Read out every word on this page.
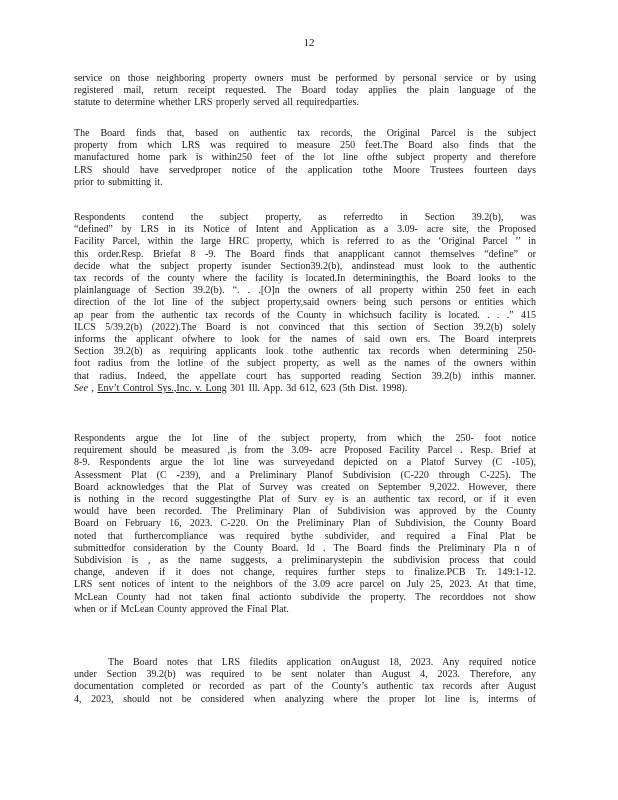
12
service on those neighboring property owners must be performed by personal service or by using
registered mail, return receipt requested. The Board today applies the plain language of the
statute to determine whether LRS properly served all requiredparties.
The Board finds that, based on authentic tax records, the Original Parcel is the subject
property from which LRS was required to measure 250 feet.The Board also finds that the
manufactured home park is within250 feet of the lot line ofthe subject property and therefore
LRS should have servedproper notice of the application tothe Moore Trustees fourteen days
prior to submitting it.
Respondents contend the subject property, as referredto in Section 39.2(b), was
“defined” by LRS in its Notice of Intent and Application as a 3.09- acre site, the Proposed
Facility Parcel, within the large HRC property, which is referred to as the ‘Original Parcel ’’ in
this order.Resp. Briefat 8 -9. The Board finds that anapplicant cannot themselves “define” or
decide what the subject property isunder Section39.2(b), andinstead must look to the authentic
tax records of the county where the facility is located.In determiningthis, the Board looks to the
plainlanguage of Section 39.2(b). “. . .[O]n the owners of all property within 250 feet in each
direction of the lot line of the subject property,said owners being such persons or entities which
ap pear from the authentic tax records of the County in whichsuch facility is located. . . .” 415
ILCS 5/39.2(b) (2022).The Board is not convinced that this section of Section 39.2(b) solely
informs the applicant ofwhere to look for the names of said own ers. The Board interprets
Section 39.2(b) as requiring applicants look tothe authentic tax records when determining 250-
foot radius from the lotline of the subject property, as well as the names of the owners within
that radius. Indeed, the appellate court has supported reading Section 39.2(b) inthis manner.
See , Env’t Control Sys.,Inc. v. Long 301 Ill. App. 3d 612, 623 (5th Dist. 1998).
Respondents argue the lot line of the subject property, from which the 250- foot notice
requirement should be measured ,is from the 3.09- acre Proposed Facility Parcel . Resp. Brief at
8-9. Respondents argue the lot line was surveyedand depicted on a Platof Survey (C -105),
Assessment Plat (C -239), and a Preliminary Planof Subdivision (C-220 through C-225). The
Board acknowledges that the Plat of Survey was created on September 9,2022. However, there
is nothing in the record suggestingthe Plat of Surv ey is an authentic tax record, or if it even
would have been recorded. The Preliminary Plan of Subdivision was approved by the County
Board on February 16, 2023. C-220. On the Preliminary Plan of Subdivision, the County Board
noted that furthercompliance was required bythe subdivider, and required a Final Plat be
submittedfor consideration by the County Board. Id . The Board finds the Preliminary Pla n of
Subdivision is , as the name suggests, a preliminarystepin the subdivision process that could
change, andeven if it does not change, requires further steps to finalize.PCB Tr. 149:1-12.
LRS sent notices of intent to the neighbors of the 3.09 acre parcel on July 25, 2023. At that time,
McLean County had not taken final actionto subdivide the property. The recorddoes not show
when or if McLean County approved the Final Plat.
The Board notes that LRS filedits application onAugust 18, 2023. Any required notice
under Section 39.2(b) was required to be sent nolater than August 4, 2023. Therefore, any
documentation completed or recorded as part of the County’s authentic tax records after August
4, 2023, should not be considered when analyzing where the proper lot line is, interms of
